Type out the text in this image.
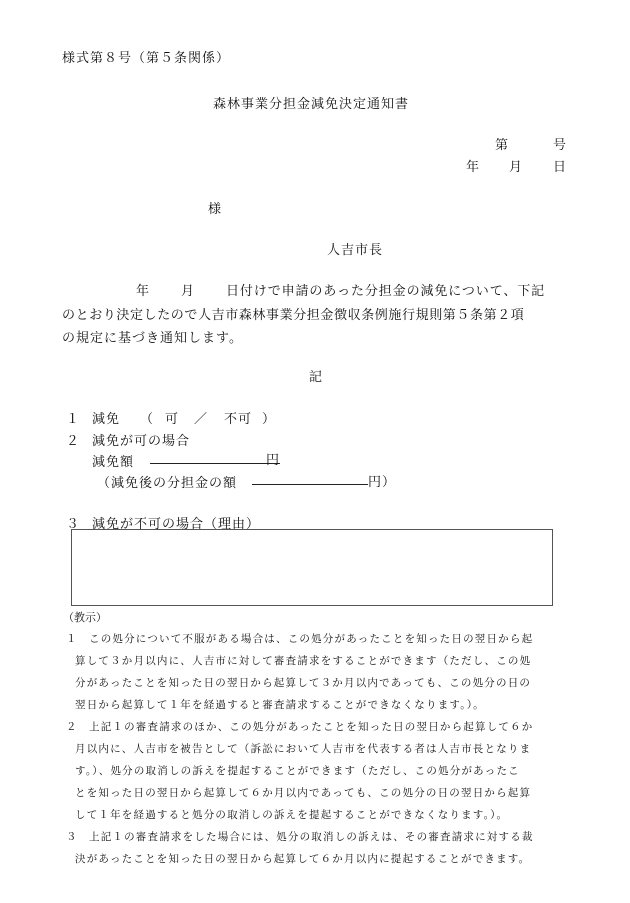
様式第８号（第５条関係）
森林事業分担金減免決定通知書
第	号
年 月 日
様
人吉市長
年 月 日付けで申請のあった分担金の減免について、下記
のとおり決定したので人吉市森林事業分担金徴収条例施行規則第５条第２項
の規定に基づき通知します。
記
１ 減免 （ 可 ／ 不可 ）
２ 減免が可の場合
減免額	円
（減免後の分担金の額	円）
３ 減免が不可の場合（理由）
（教示）
１ この処分について不服がある場合は、この処分があったことを知った日の翌日から起
算して３か月以内に、人吉市に対して審査請求をすることができます（ただし、この処
分があったことを知った日の翌日から起算して３か月以内であっても、この処分の日の
翌日から起算して１年を経過すると審査請求することができなくなります。）。
２ 上記１の審査請求のほか、この処分があったことを知った日の翌日から起算して６か
月以内に、人吉市を被告として（訴訟において人吉市を代表する者は人吉市長となりま
す。）、処分の取消しの訴えを提起することができます（ただし、この処分があったこ
とを知った日の翌日から起算して６か月以内であっても、この処分の日の翌日から起算
して１年を経過すると処分の取消しの訴えを提起することができなくなります。）。
３ 上記１の審査請求をした場合には、処分の取消しの訴えは、その審査請求に対する裁
決があったことを知った日の翌日から起算して６か月以内に提起することができます。
